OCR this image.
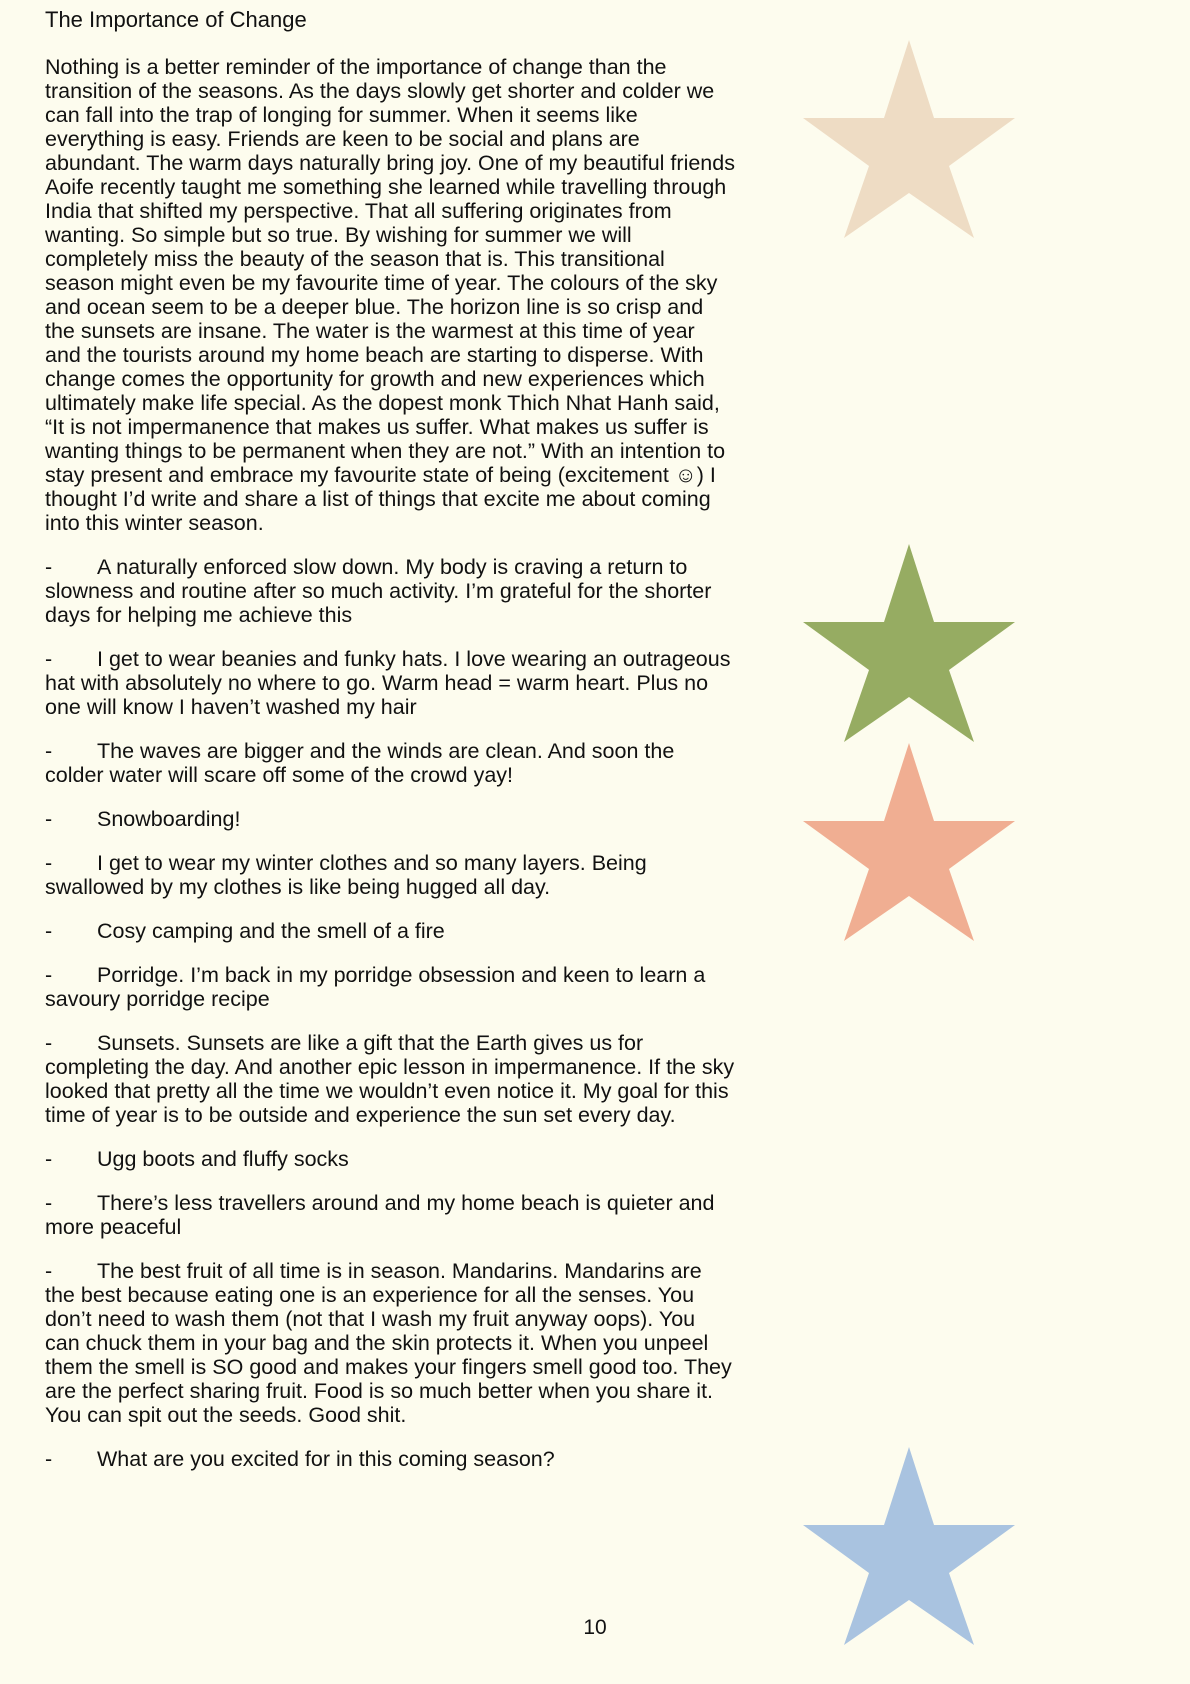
The Importance of Change

Nothing is a better reminder of the importance of change than the transition of the seasons. As the days slowly get shorter and colder we can fall into the trap of longing for summer. When it seems like everything is easy. Friends are keen to be social and plans are abundant. The warm days naturally bring joy. One of my beautiful friends Aoife recently taught me something she learned while travelling through India that shifted my perspective. That all suffering originates from wanting. So simple but so true. By wishing for summer we will completely miss the beauty of the season that is. This transitional season might even be my favourite time of year. The colours of the sky and ocean seem to be a deeper blue. The horizon line is so crisp and the sunsets are insane. The water is the warmest at this time of year and the tourists around my home beach are starting to disperse. With change comes the opportunity for growth and new experiences which ultimately make life special. As the dopest monk Thich Nhat Hanh said, “It is not impermanence that makes us suffer. What makes us suffer is wanting things to be permanent when they are not.” With an intention to stay present and embrace my favourite state of being (excitement ☺) I thought I’d write and share a list of things that excite me about coming into this winter season.

- A naturally enforced slow down. My body is craving a return to slowness and routine after so much activity. I’m grateful for the shorter days for helping me achieve this
- I get to wear beanies and funky hats. I love wearing an outrageous hat with absolutely no where to go. Warm head = warm heart. Plus no one will know I haven’t washed my hair
- The waves are bigger and the winds are clean. And soon the colder water will scare off some of the crowd yay!
- Snowboarding!
- I get to wear my winter clothes and so many layers. Being swallowed by my clothes is like being hugged all day.
- Cosy camping and the smell of a fire
- Porridge. I’m back in my porridge obsession and keen to learn a savoury porridge recipe
- Sunsets. Sunsets are like a gift that the Earth gives us for completing the day. And another epic lesson in impermanence. If the sky looked that pretty all the time we wouldn’t even notice it. My goal for this time of year is to be outside and experience the sun set every day.
- Ugg boots and fluffy socks
- There’s less travellers around and my home beach is quieter and more peaceful
- The best fruit of all time is in season. Mandarins. Mandarins are the best because eating one is an experience for all the senses. You don’t need to wash them (not that I wash my fruit anyway oops). You can chuck them in your bag and the skin protects it. When you unpeel them the smell is SO good and makes your fingers smell good too. They are the perfect sharing fruit. Food is so much better when you share it. You can spit out the seeds. Good shit.
- What are you excited for in this coming season?

10
